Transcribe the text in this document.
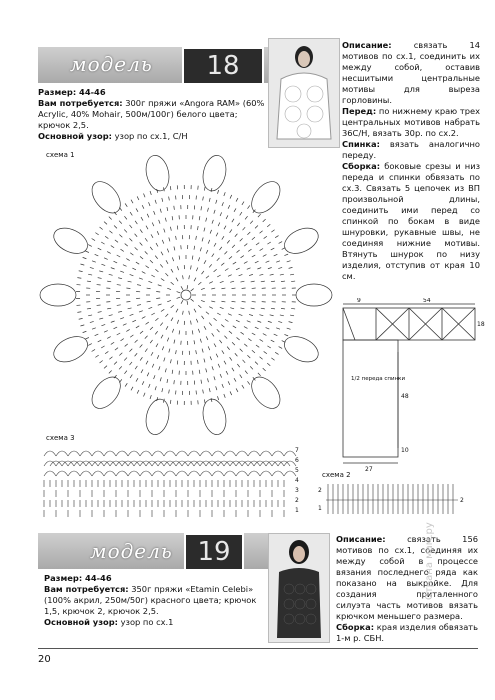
модель	18
Размер: 44-46
Вам потребуется: 300г пряжи «Angora RAM» (60% Acrylic, 40% Mohair, 500м/100г) белого цвета; крючок 2,5.
Основной узор: узор по сх.1, С/Н

Описание:	связать 14 мотивов по сх.1, соединить их между собой, оставив несшитыми центральные мотивы для выреза горловины.

Перед: по нижнему краю трех центральных мотивов набрать 36С/Н, вязать 30р. по сх.2.

Спинка: вязать аналогично переду.

Сборка: боковые срезы и низ переда и спинки обвязать по сх.3. Связать 5 цепочек из ВП произвольной длины, соединить ими перед со спинкой по бокам в виде шнуровки, рукавные швы, не соединяя нижние мотивы. Втянуть шнурок по низу изделия, отступив от края 10 см.

схема 1
схема 3
7
6
5
4
3
2
1
схема 2
2
1
2
9	54
18
1/2 переда спинки
48
10
27
модель 19
Размер: 44-46
Вам потребуется: 350г пряжи «Etamin Celebi» (100% акрил, 250м/50г) красного цвета; крючок 1,5, крючок 2, крючок 2,5.
Основной узор: узор по сх.1

Описание:	связать 156 мотивов по сх.1, соединяя их между собой в процессе вязания последнего ряда как показано на выкройке. Для создания приталенного силуэта часть мотивов вязать крючком меньшего размера.

Сборка: края изделия обвязать 1-м р. СБН.

20
Страна мам.ру
